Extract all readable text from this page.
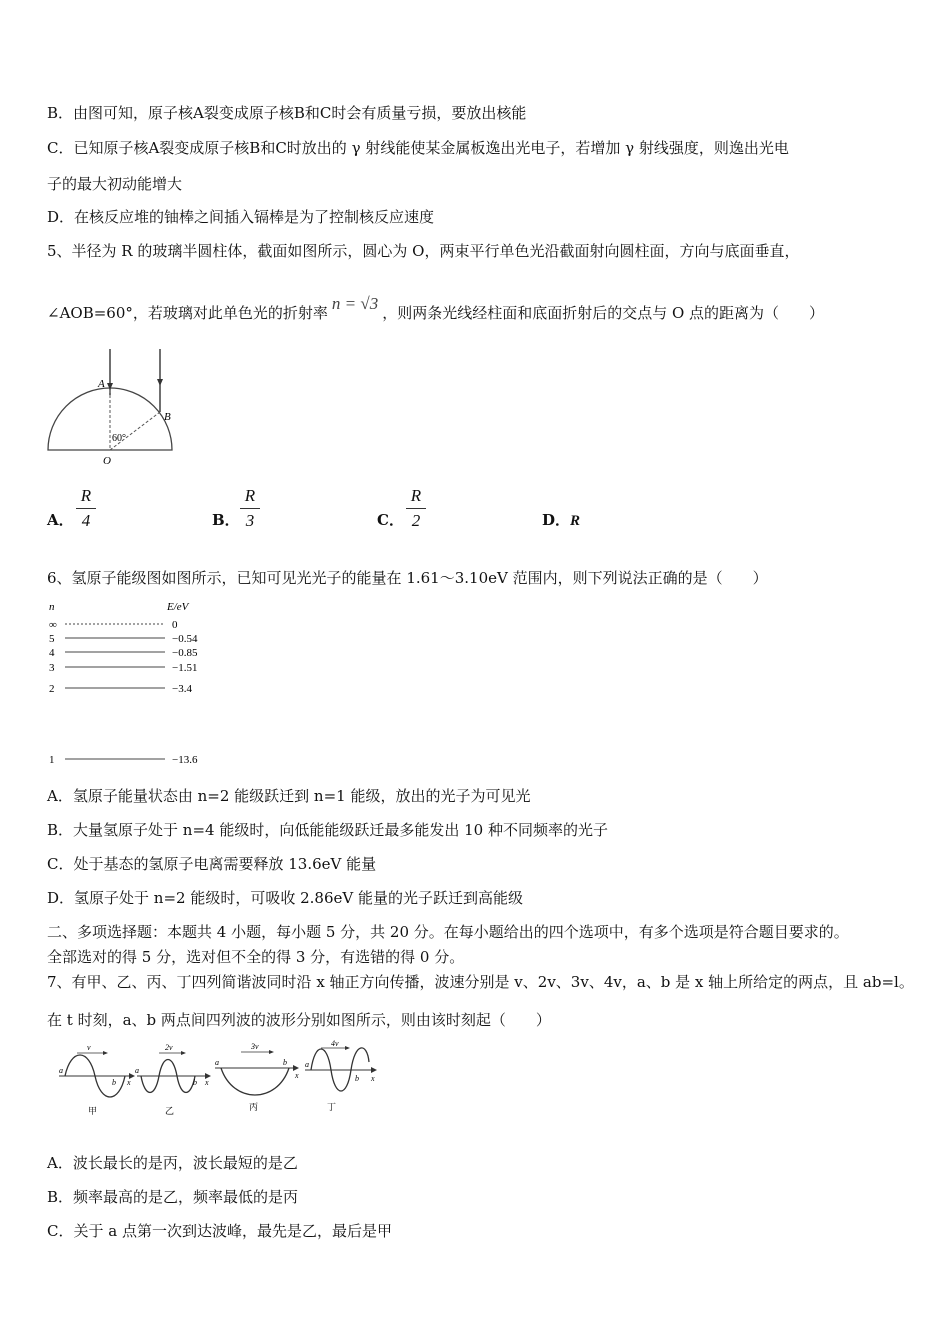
B．由图可知，原子核A裂变成原子核B和C时会有质量亏损，要放出核能
C．已知原子核A裂变成原子核B和C时放出的 γ 射线能使某金属板逸出光电子，若增加 γ 射线强度，则逸出光电
子的最大初动能增大
D．在核反应堆的铀棒之间插入镉棒是为了控制核反应速度
5、半径为 R 的玻璃半圆柱体，截面如图所示，圆心为 O，两束平行单色光沿截面射向圆柱面，方向与底面垂直，
∠AOB=60°，若玻璃对此单色光的折射率 n = √3 ，则两条光线经柱面和底面折射后的交点与 O 点的距离为（　　）
A
B
60°
O
A． $\frac{R}{4}$	B． $\frac{R}{3}$	C． $\frac{R}{2}$	D．R
6、氢原子能级图如图所示，已知可见光光子的能量在 1.61～3.10eV 范围内，则下列说法正确的是（　　）
n	E/eV
∞	0
5	−0.54
4	−0.85
3	−1.51
2	−3.4
1	−13.6
A．氢原子能量状态由 n=2 能级跃迁到 n=1 能级，放出的光子为可见光
B．大量氢原子处于 n=4 能级时，向低能能级跃迁最多能发出 10 种不同频率的光子
C．处于基态的氢原子电离需要释放 13.6eV 能量
D．氢原子处于 n=2 能级时，可吸收 2.86eV 能量的光子跃迁到高能级
二、多项选择题：本题共 4 小题，每小题 5 分，共 20 分。在每小题给出的四个选项中，有多个选项是符合题目要求的。
全部选对的得 5 分，选对但不全的得 3 分，有选错的得 0 分。
7、有甲、乙、丙、丁四列简谐波同时沿 x 轴正方向传播，波速分别是 v、2v、3v、4v，a、b 是 x 轴上所给定的两点，且 ab=l。
在 t 时刻，a、b 两点间四列波的波形分别如图所示，则由该时刻起（　　）
v
a
b x
甲
2v
a
b x
乙
3v
a	b
x
丙
4v
a
b x
丁
A．波长最长的是丙，波长最短的是乙
B．频率最高的是乙，频率最低的是丙
C．关于 a 点第一次到达波峰，最先是乙，最后是甲
